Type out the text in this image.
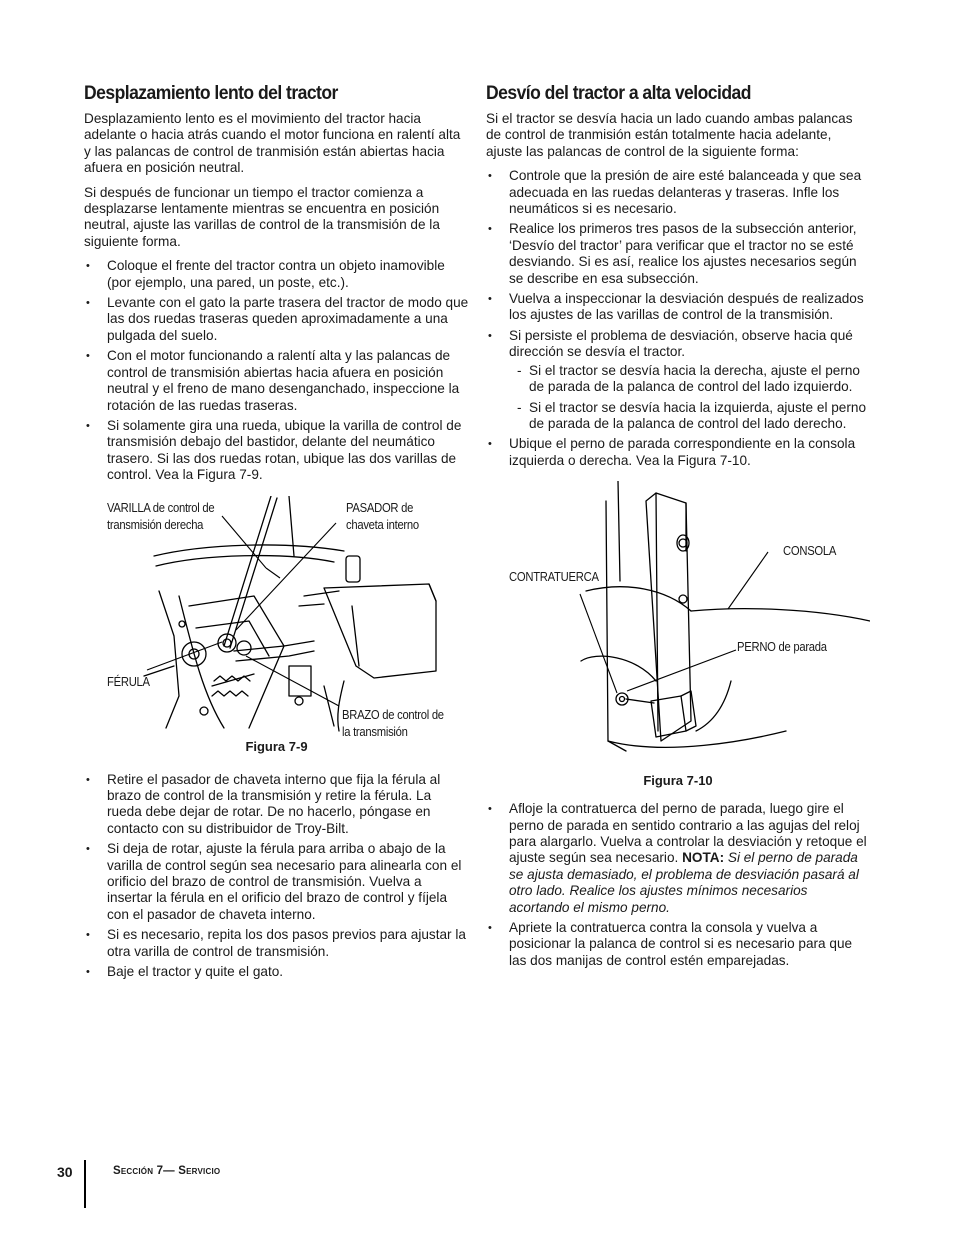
Desplazamiento lento del tractor

Desplazamiento lento es el movimiento del tractor hacia adelante o hacia atrás cuando el motor funciona en ralentí alta y las palancas de control de tranmisión están abiertas hacia afuera en posición neutral.

Si después de funcionar un tiempo el tractor comienza a desplazarse lentamente mientras se encuentra en posición neutral, ajuste las varillas de control de la transmisión de la siguiente forma.

• Coloque el frente del tractor contra un objeto inamovible (por ejemplo, una pared, un poste, etc.).
• Levante con el gato la parte trasera del tractor de modo que las dos ruedas traseras queden aproximadamente a una pulgada del suelo.
• Con el motor funcionando a ralentí alta y las palancas de control de transmisión abiertas hacia afuera en posición neutral y el freno de mano desenganchado, inspeccione la rotación de las ruedas traseras.
• Si solamente gira una rueda, ubique la varilla de control de transmisión debajo del bastidor, delante del neumático trasero. Si las dos ruedas rotan, ubique las dos varillas de control. Vea la Figura 7-9.
VARILLA de control de transmisión derecha
PASADOR de chaveta interno
FÉRULA
BRAZO de control de la transmisión
Figura 7-9
• Retire el pasador de chaveta interno que fija la férula al brazo de control de la transmisión y retire la férula. La rueda debe dejar de rotar. De no hacerlo, póngase en contacto con su distribuidor de Troy-Bilt.
• Si deja de rotar, ajuste la férula para arriba o abajo de la varilla de control según sea necesario para alinearla con el orificio del brazo de control de transmisión. Vuelva a insertar la férula en el orificio del brazo de control y fíjela con el pasador de chaveta interno.
• Si es necesario, repita los dos pasos previos para ajustar la otra varilla de control de transmisión.
• Baje el tractor y quite el gato.
Desvío del tractor a alta velocidad

Si el tractor se desvía hacia un lado cuando ambas palancas de control de tranmisión están totalmente hacia adelante, ajuste las palancas de control de la siguiente forma:

• Controle que la presión de aire esté balanceada y que sea adecuada en las ruedas delanteras y traseras. Infle los neumáticos si es necesario.
• Realice los primeros tres pasos de la subsección anterior, ‘Desvío del tractor’ para verificar que el tractor no se esté desviando. Si es así, realice los ajustes necesarios según se describe en esa subsección.
• Vuelva a inspeccionar la desviación después de realizados los ajustes de las varillas de control de la transmisión.
• Si persiste el problema de desviación, observe hacia qué dirección se desvía el tractor.
- Si el tractor se desvía hacia la derecha, ajuste el perno de parada de la palanca de control del lado izquierdo.
- Si el tractor se desvía hacia la izquierda, ajuste el perno de parada de la palanca de control del lado derecho.
• Ubique el perno de parada correspondiente en la consola izquierda o derecha. Vea la Figura 7-10.
CONSOLA
CONTRATUERCA
PERNO de parada
Figura 7-10
• Afloje la contratuerca del perno de parada, luego gire el perno de parada en sentido contrario a las agujas del reloj para alargarlo. Vuelva a controlar la desviación y retoque el ajuste según sea necesario. NOTA: Si el perno de parada se ajusta demasiado, el problema de desviación pasará al otro lado. Realice los ajustes mínimos necesarios acortando el mismo perno.
• Apriete la contratuerca contra la consola y vuelva a posicionar la palanca de control si es necesario para que las dos manijas de control estén emparejadas.
30	Sección 7— Servicio
